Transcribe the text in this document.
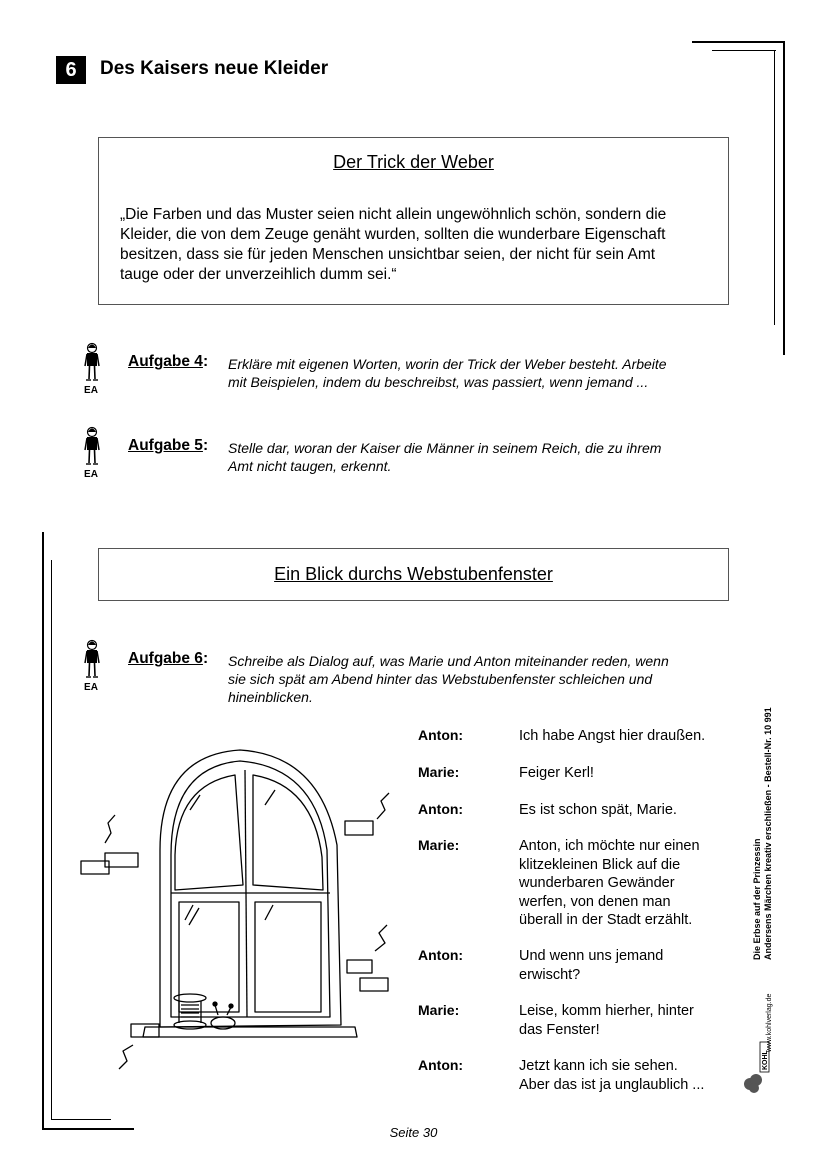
6	Des Kaisers neue Kleider
Der Trick der Weber
„Die Farben und das Muster seien nicht allein ungewöhnlich schön, sondern die
Kleider, die von dem Zeuge genäht wurden, sollten die wunderbare Eigenschaft
besitzen, dass sie für jeden Menschen unsichtbar seien, der nicht für sein Amt
tauge oder der unverzeihlich dumm sei.“
EA
Aufgabe 4: Erkläre mit eigenen Worten, worin der Trick der Weber besteht. Arbeite
mit Beispielen, indem du beschreibst, was passiert, wenn jemand ...
EA
Aufgabe 5: Stelle dar, woran der Kaiser die Männer in seinem Reich, die zu ihrem
Amt nicht taugen, erkennt.
Ein Blick durchs Webstubenfenster
EA
Aufgabe 6: Schreibe als Dialog auf, was Marie und Anton miteinander reden, wenn
sie sich spät am Abend hinter das Webstubenfenster schleichen und
hineinblicken.
Anton:	Ich habe Angst hier draußen.
Marie:	Feiger Kerl!
Anton:	Es ist schon spät, Marie.
Marie:	Anton, ich möchte nur einen
klitzekleinen Blick auf die
wunderbaren Gewänder
werfen, von denen man
überall in der Stadt erzählt.
Anton:	Und wenn uns jemand
erwischt?
Marie:	Leise, komm hierher, hinter
das Fenster!
Anton:	Jetzt kann ich sie sehen.
Aber das ist ja unglaublich ...
Die Erbse auf der Prinzessin Andersens Märchen kreativ erschließen - Bestell-Nr. 10 991
www.kohlverlag.de
KOHL
Seite 30
